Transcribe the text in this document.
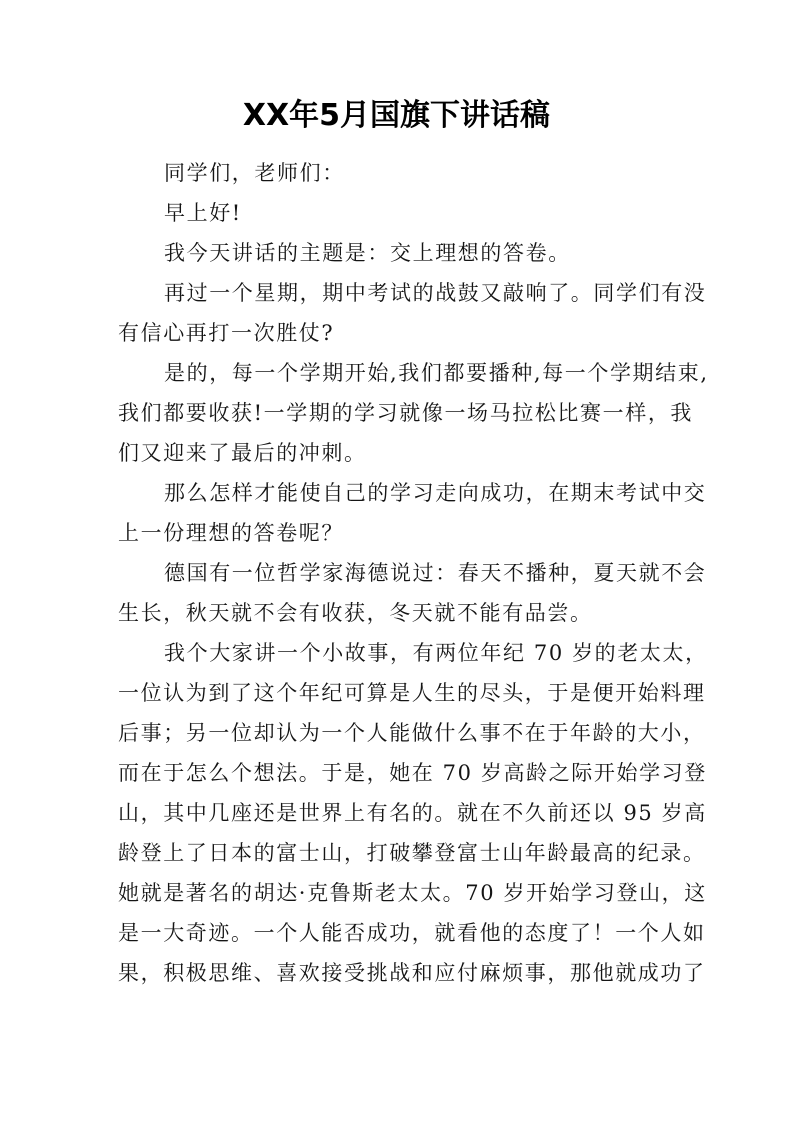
XX年5月国旗下讲话稿
同学们，老师们：
早上好!
我今天讲话的主题是：交上理想的答卷。
再过一个星期，期中考试的战鼓又敲响了。同学们有没
有信心再打一次胜仗?
是的，每一个学期开始,我们都要播种,每一个学期结束,
我们都要收获!一学期的学习就像一场马拉松比赛一样，我
们又迎来了最后的冲刺。
那么怎样才能使自己的学习走向成功，在期末考试中交
上一份理想的答卷呢？
德国有一位哲学家海德说过：春天不播种，夏天就不会
生长，秋天就不会有收获，冬天就不能有品尝。
我个大家讲一个小故事，有两位年纪 70 岁的老太太，
一位认为到了这个年纪可算是人生的尽头，于是便开始料理
后事；另一位却认为一个人能做什么事不在于年龄的大小，
而在于怎么个想法。于是，她在 70 岁高龄之际开始学习登
山，其中几座还是世界上有名的。就在不久前还以 95 岁高
龄登上了日本的富士山，打破攀登富士山年龄最高的纪录。
她就是著名的胡达·克鲁斯老太太。70 岁开始学习登山，这
是一大奇迹。一个人能否成功，就看他的态度了！一个人如
果，积极思维、喜欢接受挑战和应付麻烦事，那他就成功了
